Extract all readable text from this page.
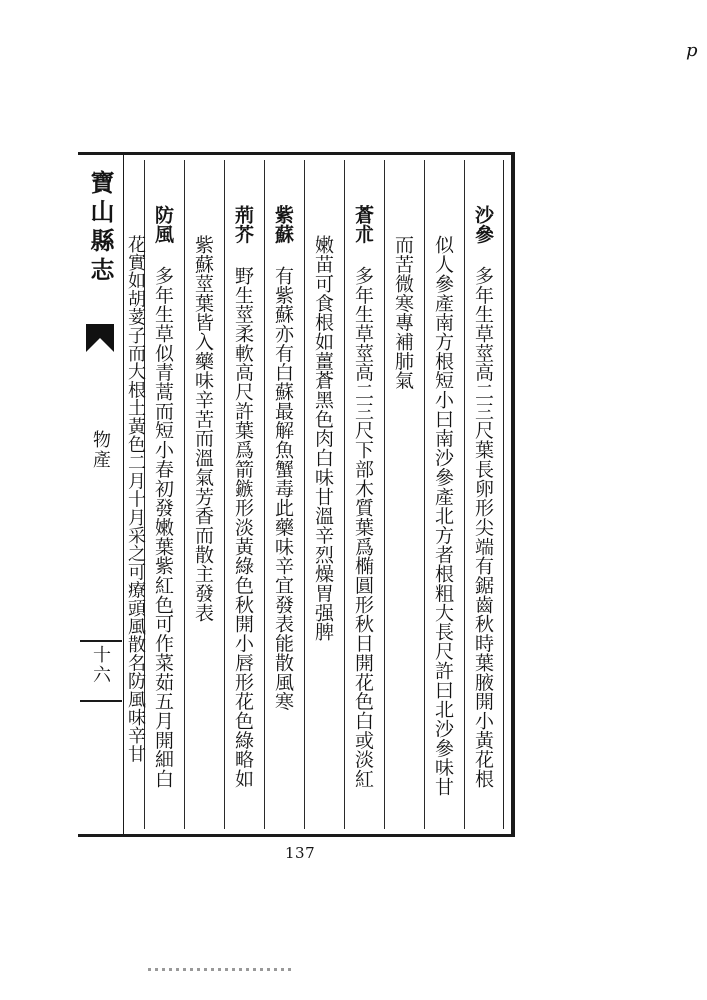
p
寶山縣志
物產
十六
沙參多年生草莖高二三尺葉長卵形尖端有鋸齒秋時葉腋開小黃花根
似人參產南方根短小曰南沙參產北方者根粗大長尺許曰北沙參味甘
而苦微寒專補肺氣
蒼朮多年生草莖高二三尺下部木質葉爲椭圓形秋日開花色白或淡紅
嫩苗可食根如薑蒼黑色肉白味甘溫辛烈燥胃强脾
紫蘇有紫蘇亦有白蘇最解魚蟹毒此藥味辛宜發表能散風寒
荊芥野生莖柔軟高尺許葉爲箭鏃形淡黃綠色秋開小唇形花色綠略如
紫蘇莖葉皆入藥味辛苦而溫氣芳香而散主發表
防風多年生草似青蒿而短小春初發嫩葉紫紅色可作菜茹五月開細白
花實如胡荽子而大根土黃色二月十月采之可療頭風散名防風味辛甘
137
